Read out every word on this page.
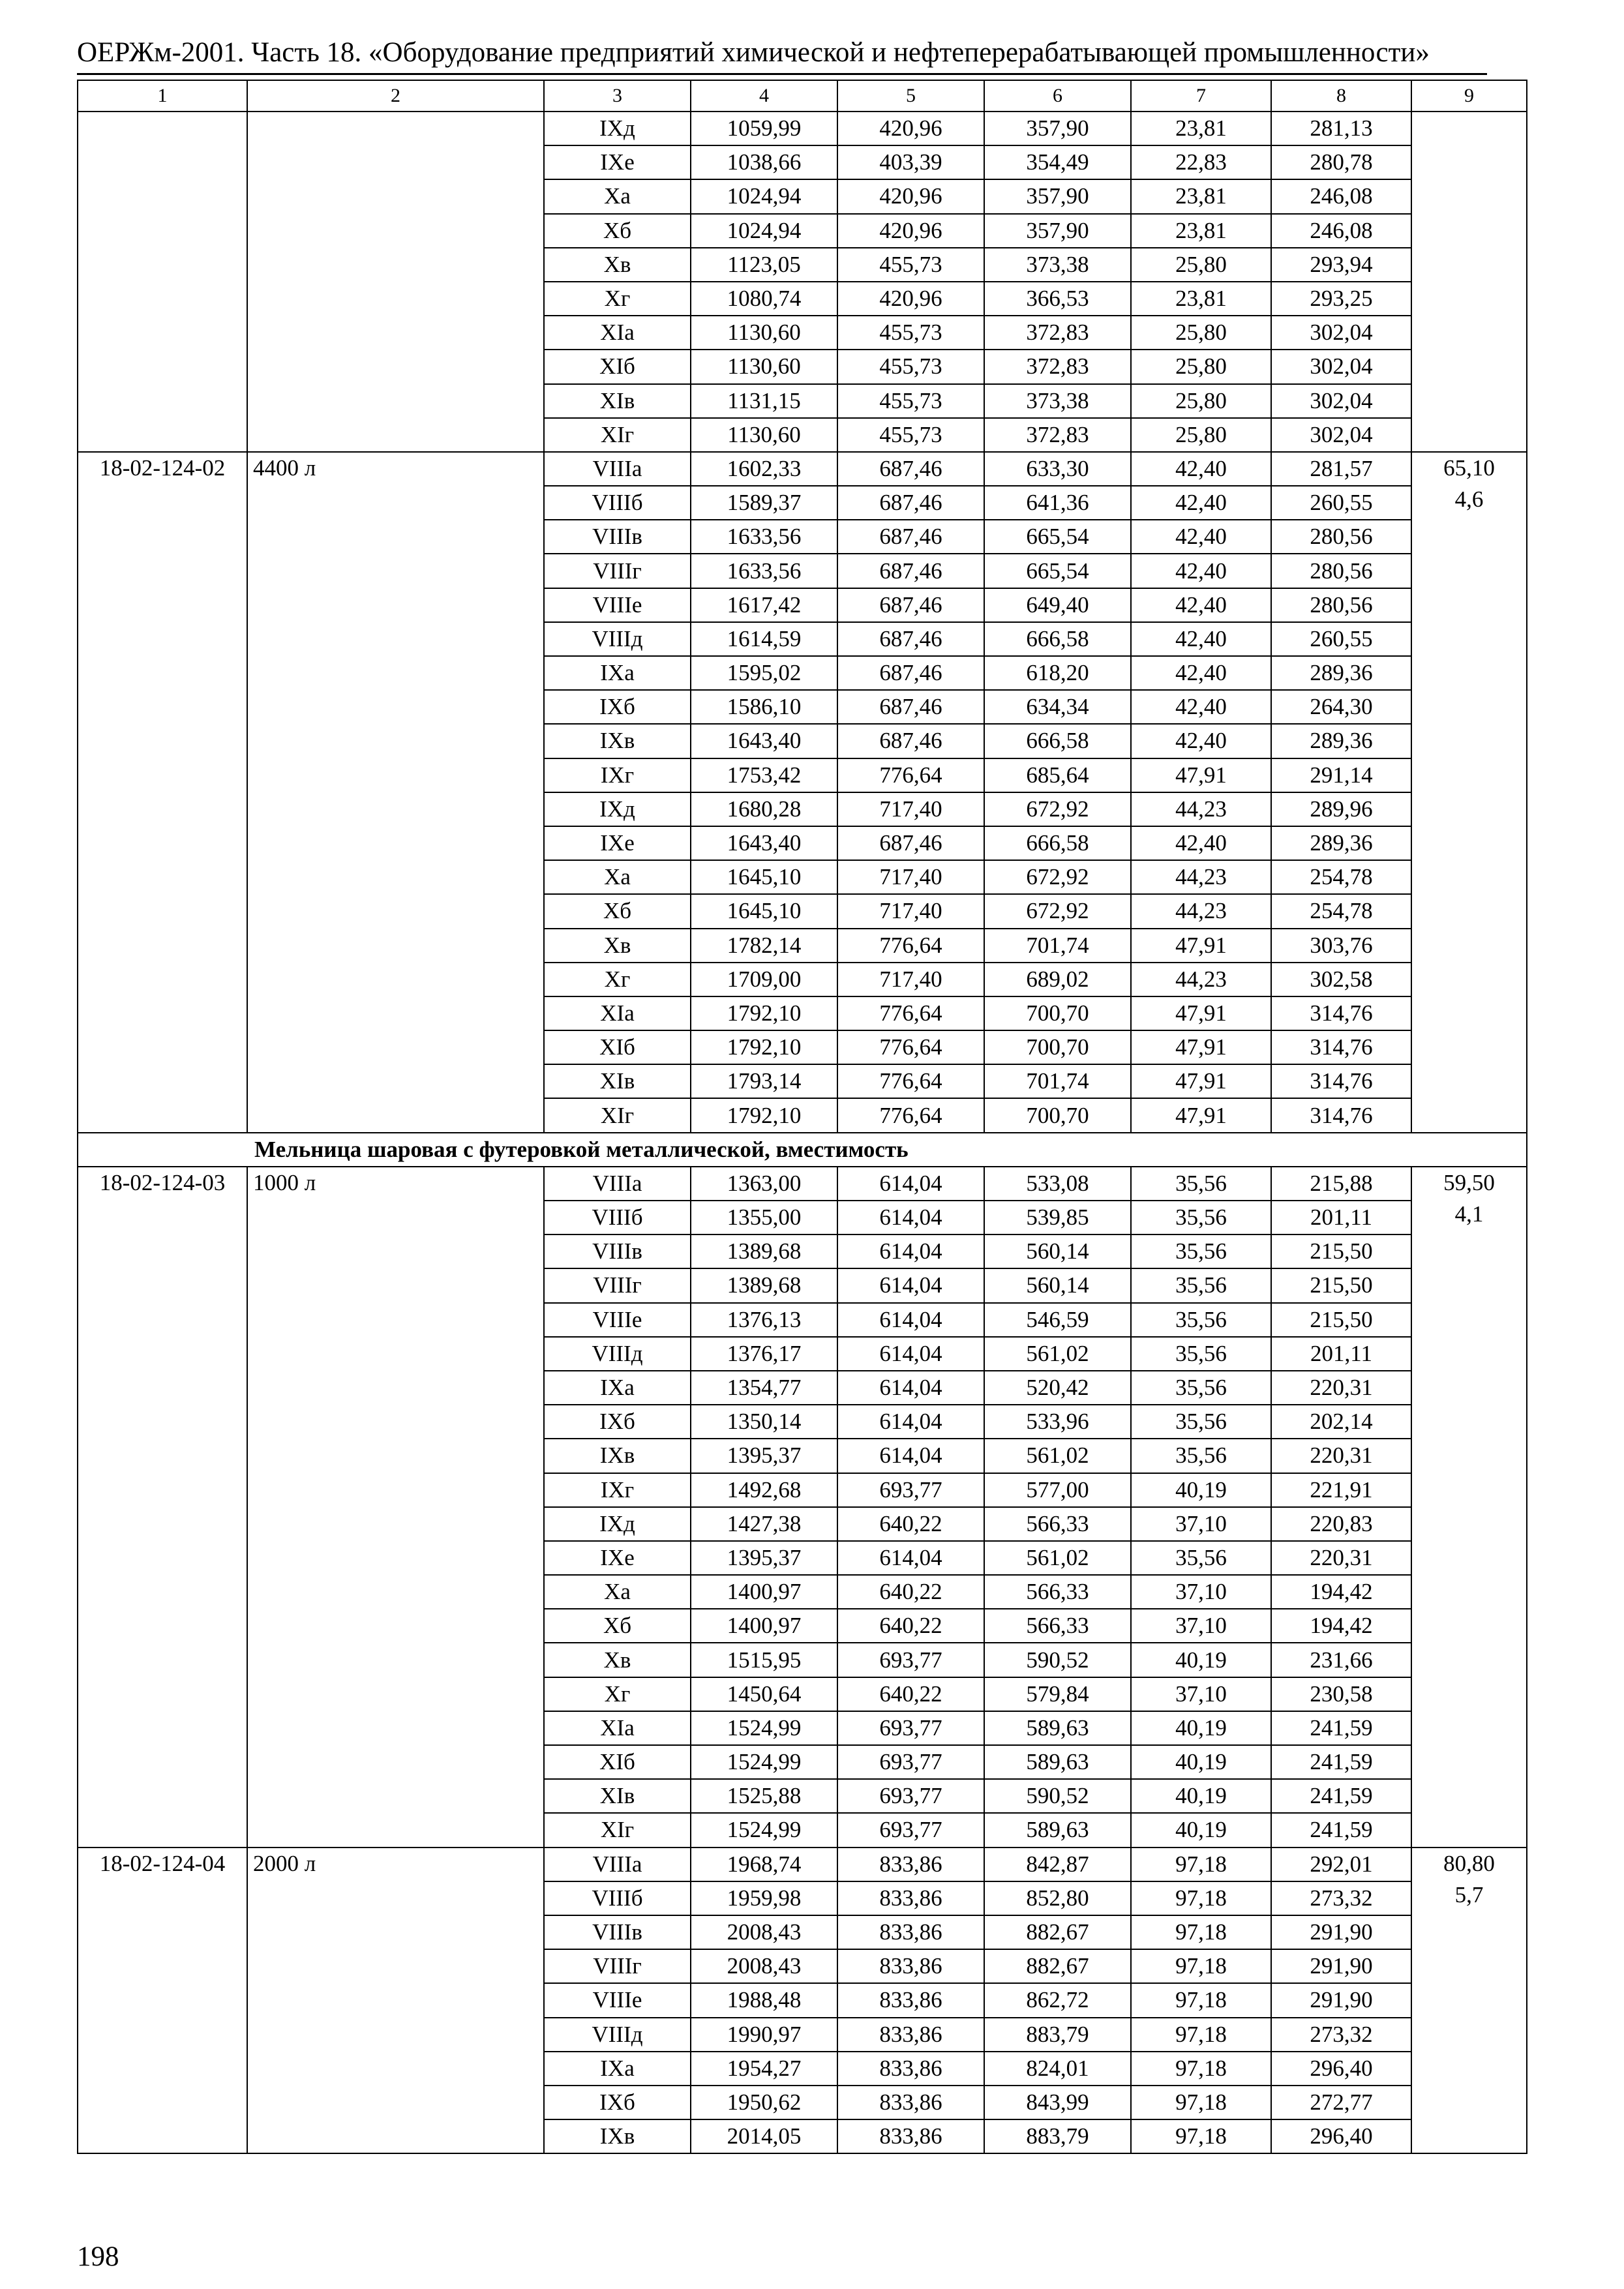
ОЕРЖм-2001. Часть 18. «Оборудование предприятий химической и нефтеперерабатывающей промышленности»
1	2	3	4	5	6	7	8	9
		IXд	1059,99	420,96	357,90	23,81	281,13	

		IXе	1038,66	403,39	354,49	22,83	280,78	
		Xа	1024,94	420,96	357,90	23,81	246,08	
		Xб	1024,94	420,96	357,90	23,81	246,08	
		Xв	1123,05	455,73	373,38	25,80	293,94	
		Xг	1080,74	420,96	366,53	23,81	293,25	
		XIа	1130,60	455,73	372,83	25,80	302,04	
		XIб	1130,60	455,73	372,83	25,80	302,04	
		XIв	1131,15	455,73	373,38	25,80	302,04	
		XIг	1130,60	455,73	372,83	25,80	302,04	
18-02-124-02	4400 л	VIIIа	1602,33	687,46	633,30	42,40	281,57	65,10
4,6

		VIIIб	1589,37	687,46	641,36	42,40	260,55	
		VIIIв	1633,56	687,46	665,54	42,40	280,56	
		VIIIг	1633,56	687,46	665,54	42,40	280,56	
		VIIIе	1617,42	687,46	649,40	42,40	280,56	
		VIIIд	1614,59	687,46	666,58	42,40	260,55	
		IXа	1595,02	687,46	618,20	42,40	289,36	
		IXб	1586,10	687,46	634,34	42,40	264,30	
		IXв	1643,40	687,46	666,58	42,40	289,36	
		IXг	1753,42	776,64	685,64	47,91	291,14	
		IXд	1680,28	717,40	672,92	44,23	289,96	
		IXе	1643,40	687,46	666,58	42,40	289,36	
		Xа	1645,10	717,40	672,92	44,23	254,78	
		Xб	1645,10	717,40	672,92	44,23	254,78	
		Xв	1782,14	776,64	701,74	47,91	303,76	
		Xг	1709,00	717,40	689,02	44,23	302,58	
		XIа	1792,10	776,64	700,70	47,91	314,76	
		XIб	1792,10	776,64	700,70	47,91	314,76	
		XIв	1793,14	776,64	701,74	47,91	314,76	
		XIг	1792,10	776,64	700,70	47,91	314,76	
Мельница шаровая с футеровкой металлической, вместимость								
18-02-124-03	1000 л	VIIIа	1363,00	614,04	533,08	35,56	215,88	59,50
4,1

		VIIIб	1355,00	614,04	539,85	35,56	201,11	
		VIIIв	1389,68	614,04	560,14	35,56	215,50	
		VIIIг	1389,68	614,04	560,14	35,56	215,50	
		VIIIе	1376,13	614,04	546,59	35,56	215,50	
		VIIIд	1376,17	614,04	561,02	35,56	201,11	
		IXа	1354,77	614,04	520,42	35,56	220,31	
		IXб	1350,14	614,04	533,96	35,56	202,14	
		IXв	1395,37	614,04	561,02	35,56	220,31	
		IXг	1492,68	693,77	577,00	40,19	221,91	
		IXд	1427,38	640,22	566,33	37,10	220,83	
		IXе	1395,37	614,04	561,02	35,56	220,31	
		Xа	1400,97	640,22	566,33	37,10	194,42	
		Xб	1400,97	640,22	566,33	37,10	194,42	
		Xв	1515,95	693,77	590,52	40,19	231,66	
		Xг	1450,64	640,22	579,84	37,10	230,58	
		XIа	1524,99	693,77	589,63	40,19	241,59	
		XIб	1524,99	693,77	589,63	40,19	241,59	
		XIв	1525,88	693,77	590,52	40,19	241,59	
		XIг	1524,99	693,77	589,63	40,19	241,59	
18-02-124-04	2000 л	VIIIа	1968,74	833,86	842,87	97,18	292,01	80,80
5,7

		VIIIб	1959,98	833,86	852,80	97,18	273,32	
		VIIIв	2008,43	833,86	882,67	97,18	291,90	
		VIIIг	2008,43	833,86	882,67	97,18	291,90	
		VIIIе	1988,48	833,86	862,72	97,18	291,90	
		VIIIд	1990,97	833,86	883,79	97,18	273,32	
		IXа	1954,27	833,86	824,01	97,18	296,40	
		IXб	1950,62	833,86	843,99	97,18	272,77	
		IXв	2014,05	833,86	883,79	97,18	296,40	
198
